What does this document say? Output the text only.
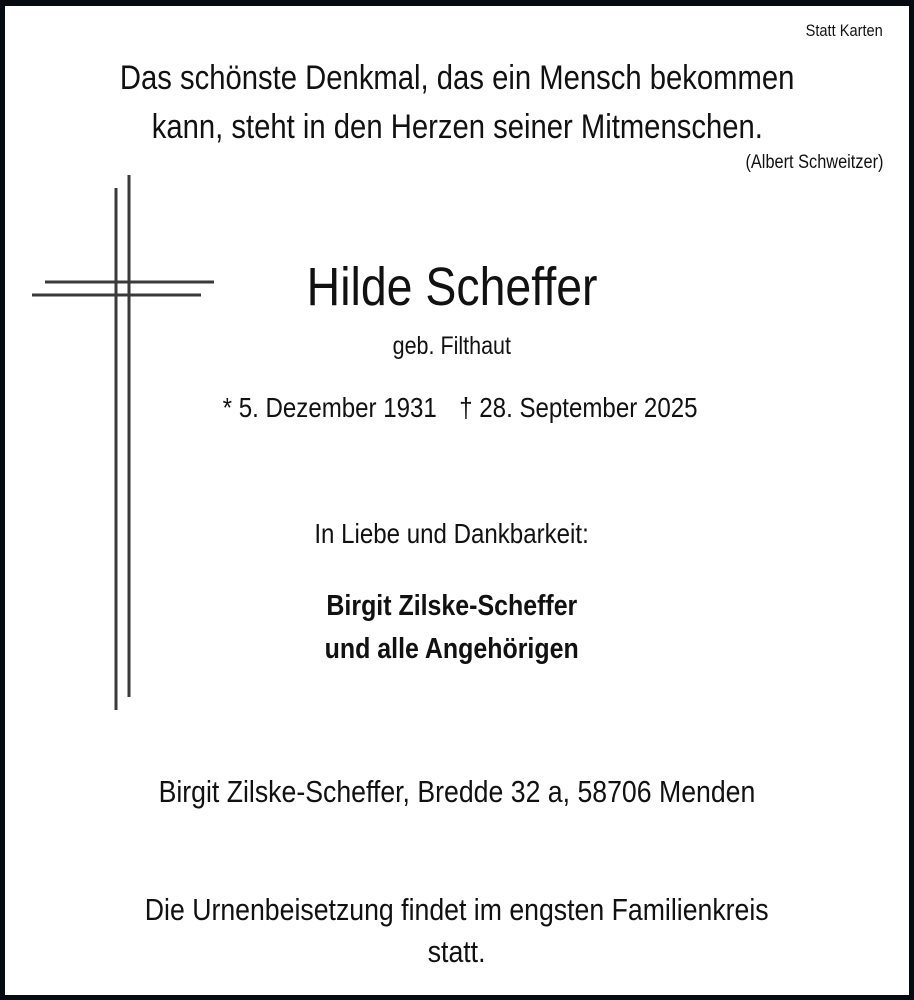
Statt Karten
Das schönste Denkmal, das ein Mensch bekommen
kann, steht in den Herzen seiner Mitmenschen.
(Albert Schweitzer)
Hilde Scheffer
geb. Filthaut
* 5. Dezember 1931 † 28. September 2025
In Liebe und Dankbarkeit:
Birgit Zilske-Scheffer
und alle Angehörigen
Birgit Zilske-Scheffer, Bredde 32 a, 58706 Menden
Die Urnenbeisetzung findet im engsten Familienkreis
statt.
